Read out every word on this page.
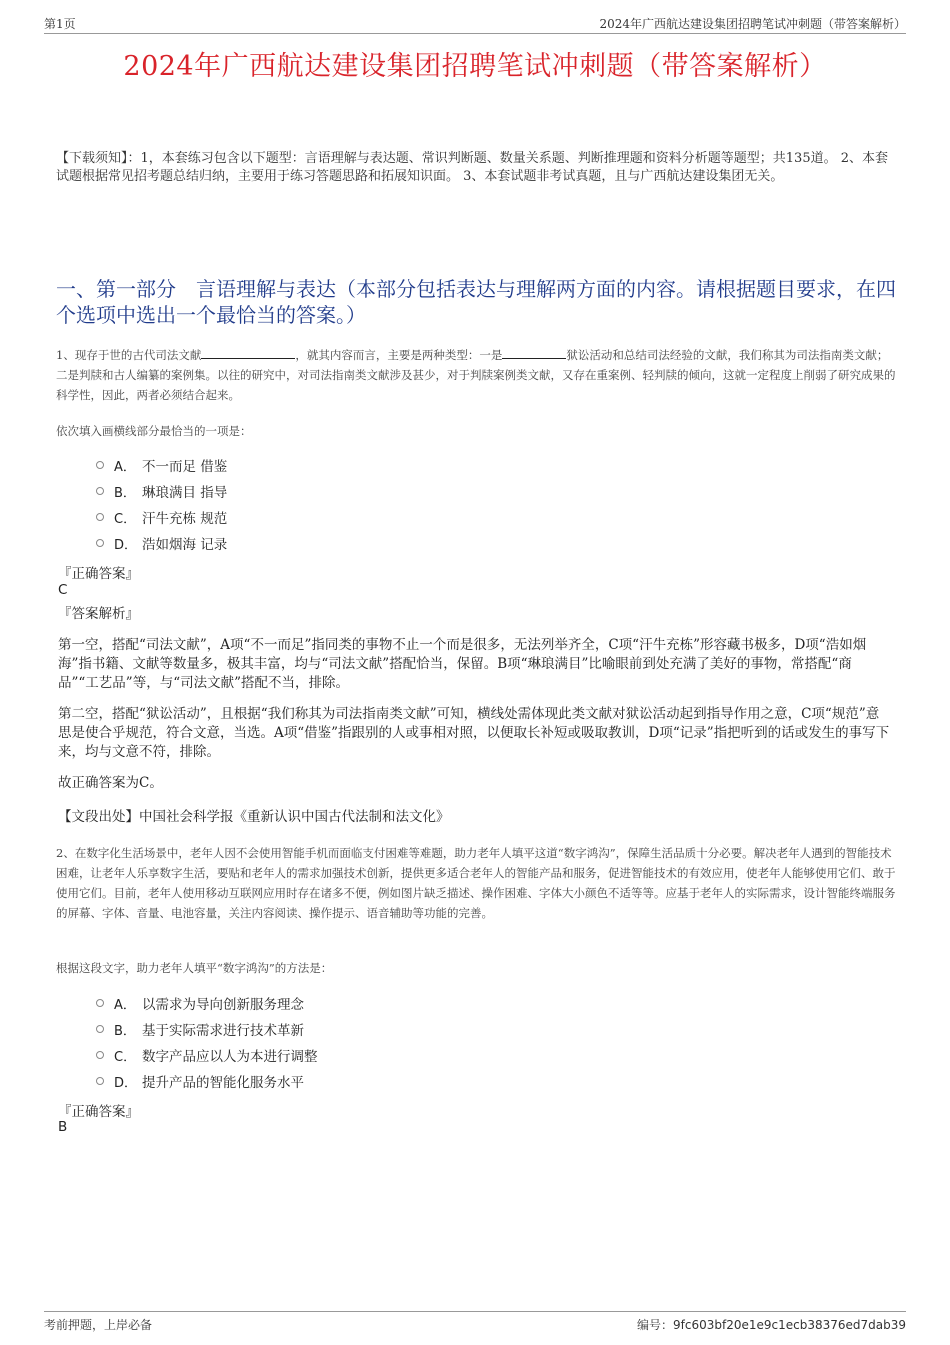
第1页	2024年广西航达建设集团招聘笔试冲刺题（带答案解析）
2024年广西航达建设集团招聘笔试冲刺题（带答案解析）
【下载须知】：1，本套练习包含以下题型：言语理解与表达题、常识判断题、数量关系题、判断推理题和资料分析题等题型；共135道。 2、本套试题根据常见招考题总结归纳，主要用于练习答题思路和拓展知识面。 3、本套试题非考试真题，且与广西航达建设集团无关。
一、第一部分　言语理解与表达（本部分包括表达与理解两方面的内容。请根据题目要求，在四个选项中选出一个最恰当的答案。）
1、现存于世的古代司法文献	，就其内容而言，主要是两种类型：一是	狱讼活动和总结司法经验的文献，我们称其为司法指南类文献；二是判牍和古人编纂的案例集。以往的研究中，对司法指南类文献涉及甚少，对于判牍案例类文献，又存在重案例、轻判牍的倾向，这就一定程度上削弱了研究成果的科学性，因此，两者必须结合起来。
依次填入画横线部分最恰当的一项是：
A． 不一而足 借鉴
B． 琳琅满目 指导
C． 汗牛充栋 规范
D． 浩如烟海 记录
『正确答案』
C
『答案解析』
第一空，搭配“司法文献”，A项“不一而足”指同类的事物不止一个而是很多，无法列举齐全，C项“汗牛充栋”形容藏书极多，D项“浩如烟海”指书籍、文献等数量多，极其丰富，均与“司法文献”搭配恰当，保留。B项“琳琅满目”比喻眼前到处充满了美好的事物，常搭配“商品”“工艺品”等，与“司法文献”搭配不当，排除。
第二空，搭配“狱讼活动”，且根据“我们称其为司法指南类文献”可知，横线处需体现此类文献对狱讼活动起到指导作用之意，C项“规范”意思是使合乎规范，符合文意，当选。A项“借鉴”指跟别的人或事相对照，以便取长补短或吸取教训，D项“记录”指把听到的话或发生的事写下来，均与文意不符，排除。
故正确答案为C。
【文段出处】中国社会科学报《重新认识中国古代法制和法文化》
2、在数字化生活场景中，老年人因不会使用智能手机而面临支付困难等难题，助力老年人填平这道“数字鸿沟”，保障生活品质十分必要。解决老年人遇到的智能技术困难，让老年人乐享数字生活，要贴和老年人的需求加强技术创新，提供更多适合老年人的智能产品和服务，促进智能技术的有效应用，使老年人能够使用它们、敢于使用它们。目前，老年人使用移动互联网应用时存在诸多不便，例如图片缺乏描述、操作困难、字体大小颜色不适等等。应基于老年人的实际需求，设计智能终端服务的屏幕、字体、音量、电池容量，关注内容阅读、操作提示、语音辅助等功能的完善。
根据这段文字，助力老年人填平“数字鸿沟”的方法是：
A． 以需求为导向创新服务理念
B． 基于实际需求进行技术革新
C． 数字产品应以人为本进行调整
D． 提升产品的智能化服务水平
『正确答案』
B
考前押题，上岸必备	编号：9fc603bf20e1e9c1ecb38376ed7dab39
